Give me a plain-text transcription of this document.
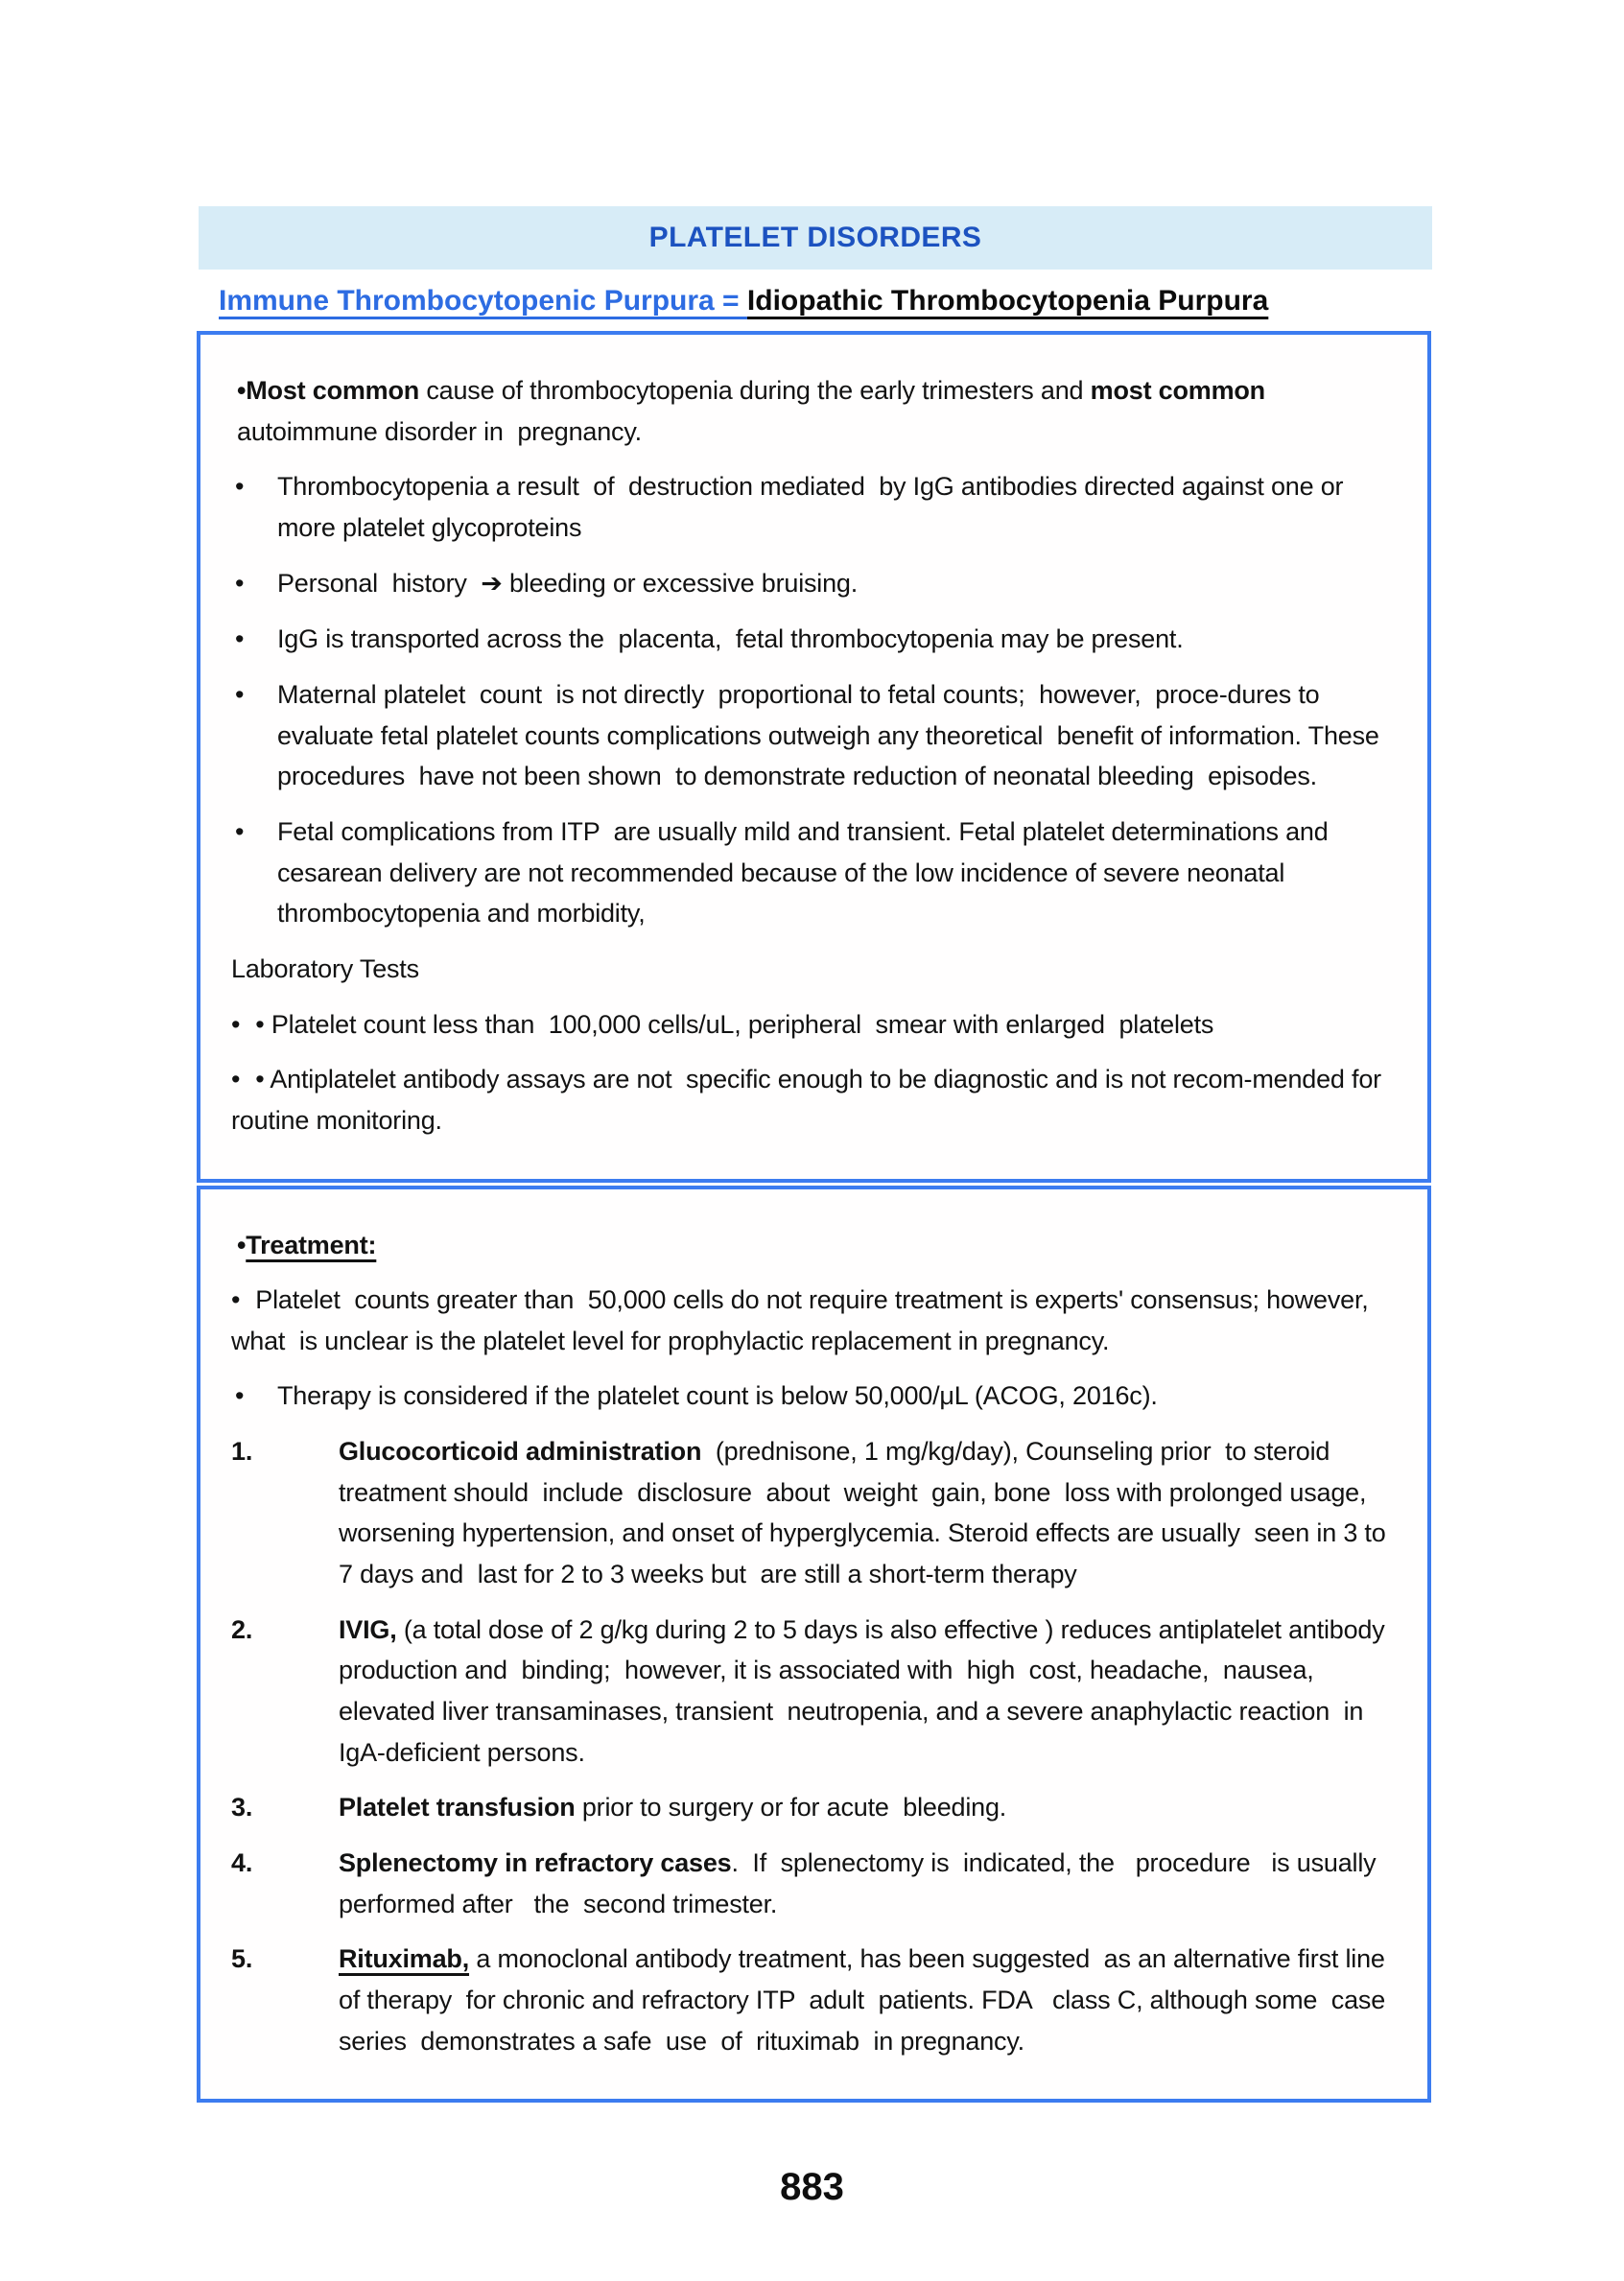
PLATELET DISORDERS
Immune Thrombocytopenic Purpura = Idiopathic Thrombocytopenia Purpura
•Most common cause of thrombocytopenia during the early trimesters and most common autoimmune disorder in  pregnancy.
•	Thrombocytopenia a result  of  destruction mediated  by IgG antibodies directed against one or more platelet glycoproteins
•	Personal  history  ➔ bleeding or excessive bruising.
•	IgG is transported across the  placenta,  fetal thrombocytopenia may be present.
•	Maternal platelet  count  is not directly  proportional to fetal counts;  however,  proce-dures to evaluate fetal platelet counts complications outweigh any theoretical  benefit of information. These procedures  have not been shown  to demonstrate reduction of neonatal bleeding  episodes.
•	Fetal complications from ITP  are usually mild and transient. Fetal platelet determinations and cesarean delivery are not recommended because of the low incidence of severe neonatal thrombocytopenia and morbidity,
Laboratory Tests
• • Platelet count less than  100,000 cells/uL, peripheral  smear with enlarged  platelets
• • Antiplatelet antibody assays are not  specific enough to be diagnostic and is not recom-mended for routine monitoring.
•Treatment:
• Platelet  counts greater than  50,000 cells do not require treatment is experts' consensus; however, what  is unclear is the platelet level for prophylactic replacement in pregnancy.
•	Therapy is considered if the platelet count is below 50,000/μL (ACOG, 2016c).
1.	Glucocorticoid administration  (prednisone, 1 mg/kg/day), Counseling prior  to steroid  treatment should  include  disclosure  about  weight  gain, bone  loss with prolonged usage, worsening hypertension, and onset of hyperglycemia. Steroid effects are usually  seen in 3 to 7 days and  last for 2 to 3 weeks but  are still a short-term therapy
2.	IVIG, (a total dose of 2 g/kg during 2 to 5 days is also effective ) reduces antiplatelet antibody production and  binding;  however, it is associated with  high  cost, headache,  nausea,  elevated liver transaminases, transient  neutropenia, and a severe anaphylactic reaction  in IgA-deficient persons.
3.	Platelet transfusion prior to surgery or for acute  bleeding.
4.	Splenectomy in refractory cases.  If  splenectomy is  indicated, the   procedure   is usually   performed after   the  second trimester.
5.	Rituximab, a monoclonal antibody treatment, has been suggested  as an alternative first line of therapy  for chronic and refractory ITP  adult  patients. FDA   class C, although some  case  series  demonstrates a safe  use  of  rituximab  in pregnancy.
883
